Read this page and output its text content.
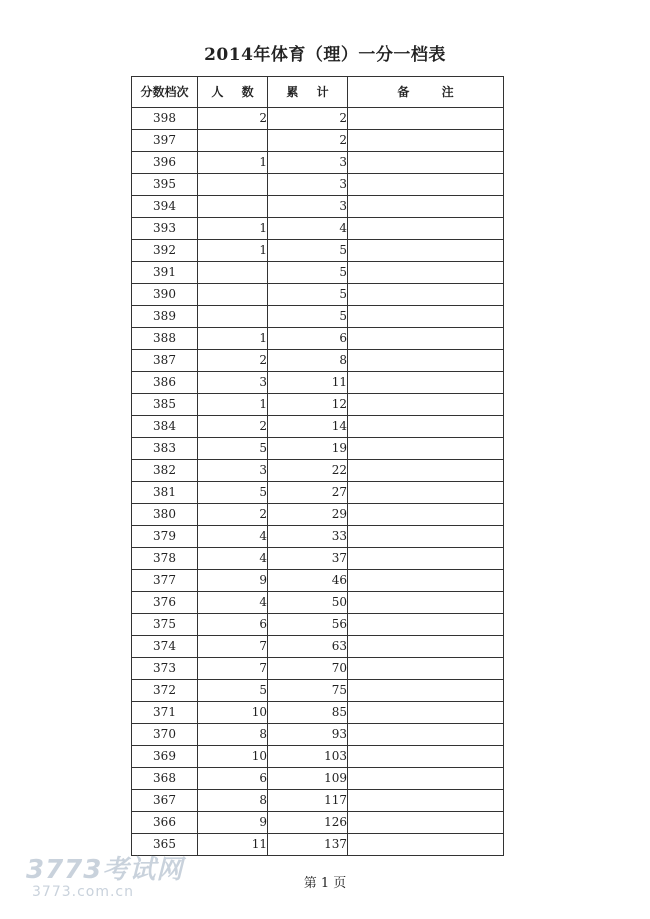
2014年体育（理）一分一档表
分数档次	人 数	累 计	备 注
398	2	2	
397		2	
396	1	3	
395		3	
394		3	
393	1	4	
392	1	5	
391		5	
390		5	
389		5	
388	1	6	
387	2	8	
386	3	11	
385	1	12	
384	2	14	
383	5	19	
382	3	22	
381	5	27	
380	2	29	
379	4	33	
378	4	37	
377	9	46	
376	4	50	
375	6	56	
374	7	63	
373	7	70	
372	5	75	
371	10	85	
370	8	93	
369	10	103	
368	6	109	
367	8	117	
366	9	126	
365	11	137	
第 1 页
3773考试网
3773.com.cn
